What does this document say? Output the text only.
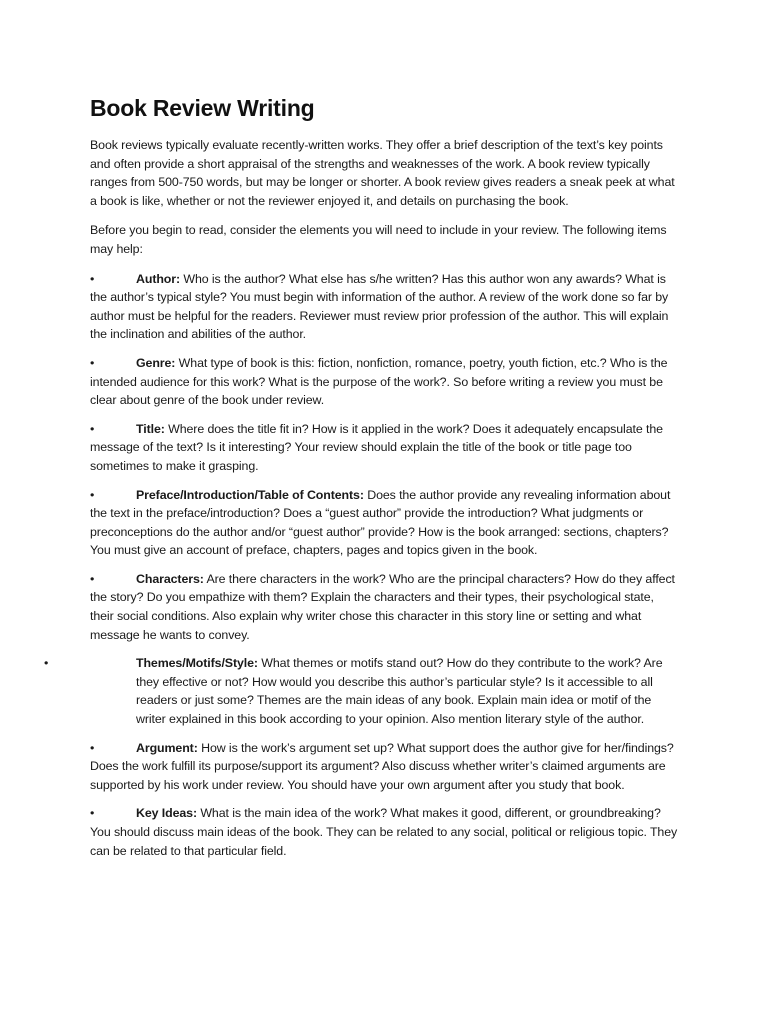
Book Review Writing

Book reviews typically evaluate recently-written works. They offer a brief description of the text’s key points and often provide a short appraisal of the strengths and weaknesses of the work. A book review typically ranges from 500-750 words, but may be longer or shorter. A book review gives readers a sneak peek at what a book is like, whether or not the reviewer enjoyed it, and details on purchasing the book.

Before you begin to read, consider the elements you will need to include in your review. The following items may help:

•	Author: Who is the author? What else has s/he written? Has this author won any awards? What is the author’s typical style? You must begin with information of the author. A review of the work done so far by author must be helpful for the readers. Reviewer must review prior profession of the author. This will explain the inclination and abilities of the author.
•	Genre: What type of book is this: fiction, nonfiction, romance, poetry, youth fiction, etc.? Who is the intended audience for this work? What is the purpose of the work?. So before writing a review you must be clear about genre of the book under review.
•	Title: Where does the title fit in? How is it applied in the work? Does it adequately encapsulate the message of the text? Is it interesting? Your review should explain the title of the book or title page too sometimes to make it grasping.
•	Preface/Introduction/Table of Contents: Does the author provide any revealing information about the text in the preface/introduction? Does a “guest author” provide the introduction? What judgments or preconceptions do the author and/or “guest author” provide? How is the book arranged: sections, chapters? You must give an account of preface, chapters, pages and topics given in the book.
•	Characters: Are there characters in the work? Who are the principal characters? How do they affect the story? Do you empathize with them? Explain the characters and their types, their psychological state, their social conditions. Also explain why writer chose this character in this story line or setting and what message he wants to convey.
•	Themes/Motifs/Style: What themes or motifs stand out? How do they contribute to the work? Are they effective or not? How would you describe this author’s particular style? Is it accessible to all readers or just some? Themes are the main ideas of any book. Explain main idea or motif of the writer explained in this book according to your opinion. Also mention literary style of the author.
•	Argument: How is the work’s argument set up? What support does the author give for her/findings? Does the work fulfill its purpose/support its argument? Also discuss whether writer’s claimed arguments are supported by his work under review. You should have your own argument after you study that book.
•	Key Ideas: What is the main idea of the work? What makes it good, different, or groundbreaking? You should discuss main ideas of the book. They can be related to any social, political or religious topic. They can be related to that particular field.
